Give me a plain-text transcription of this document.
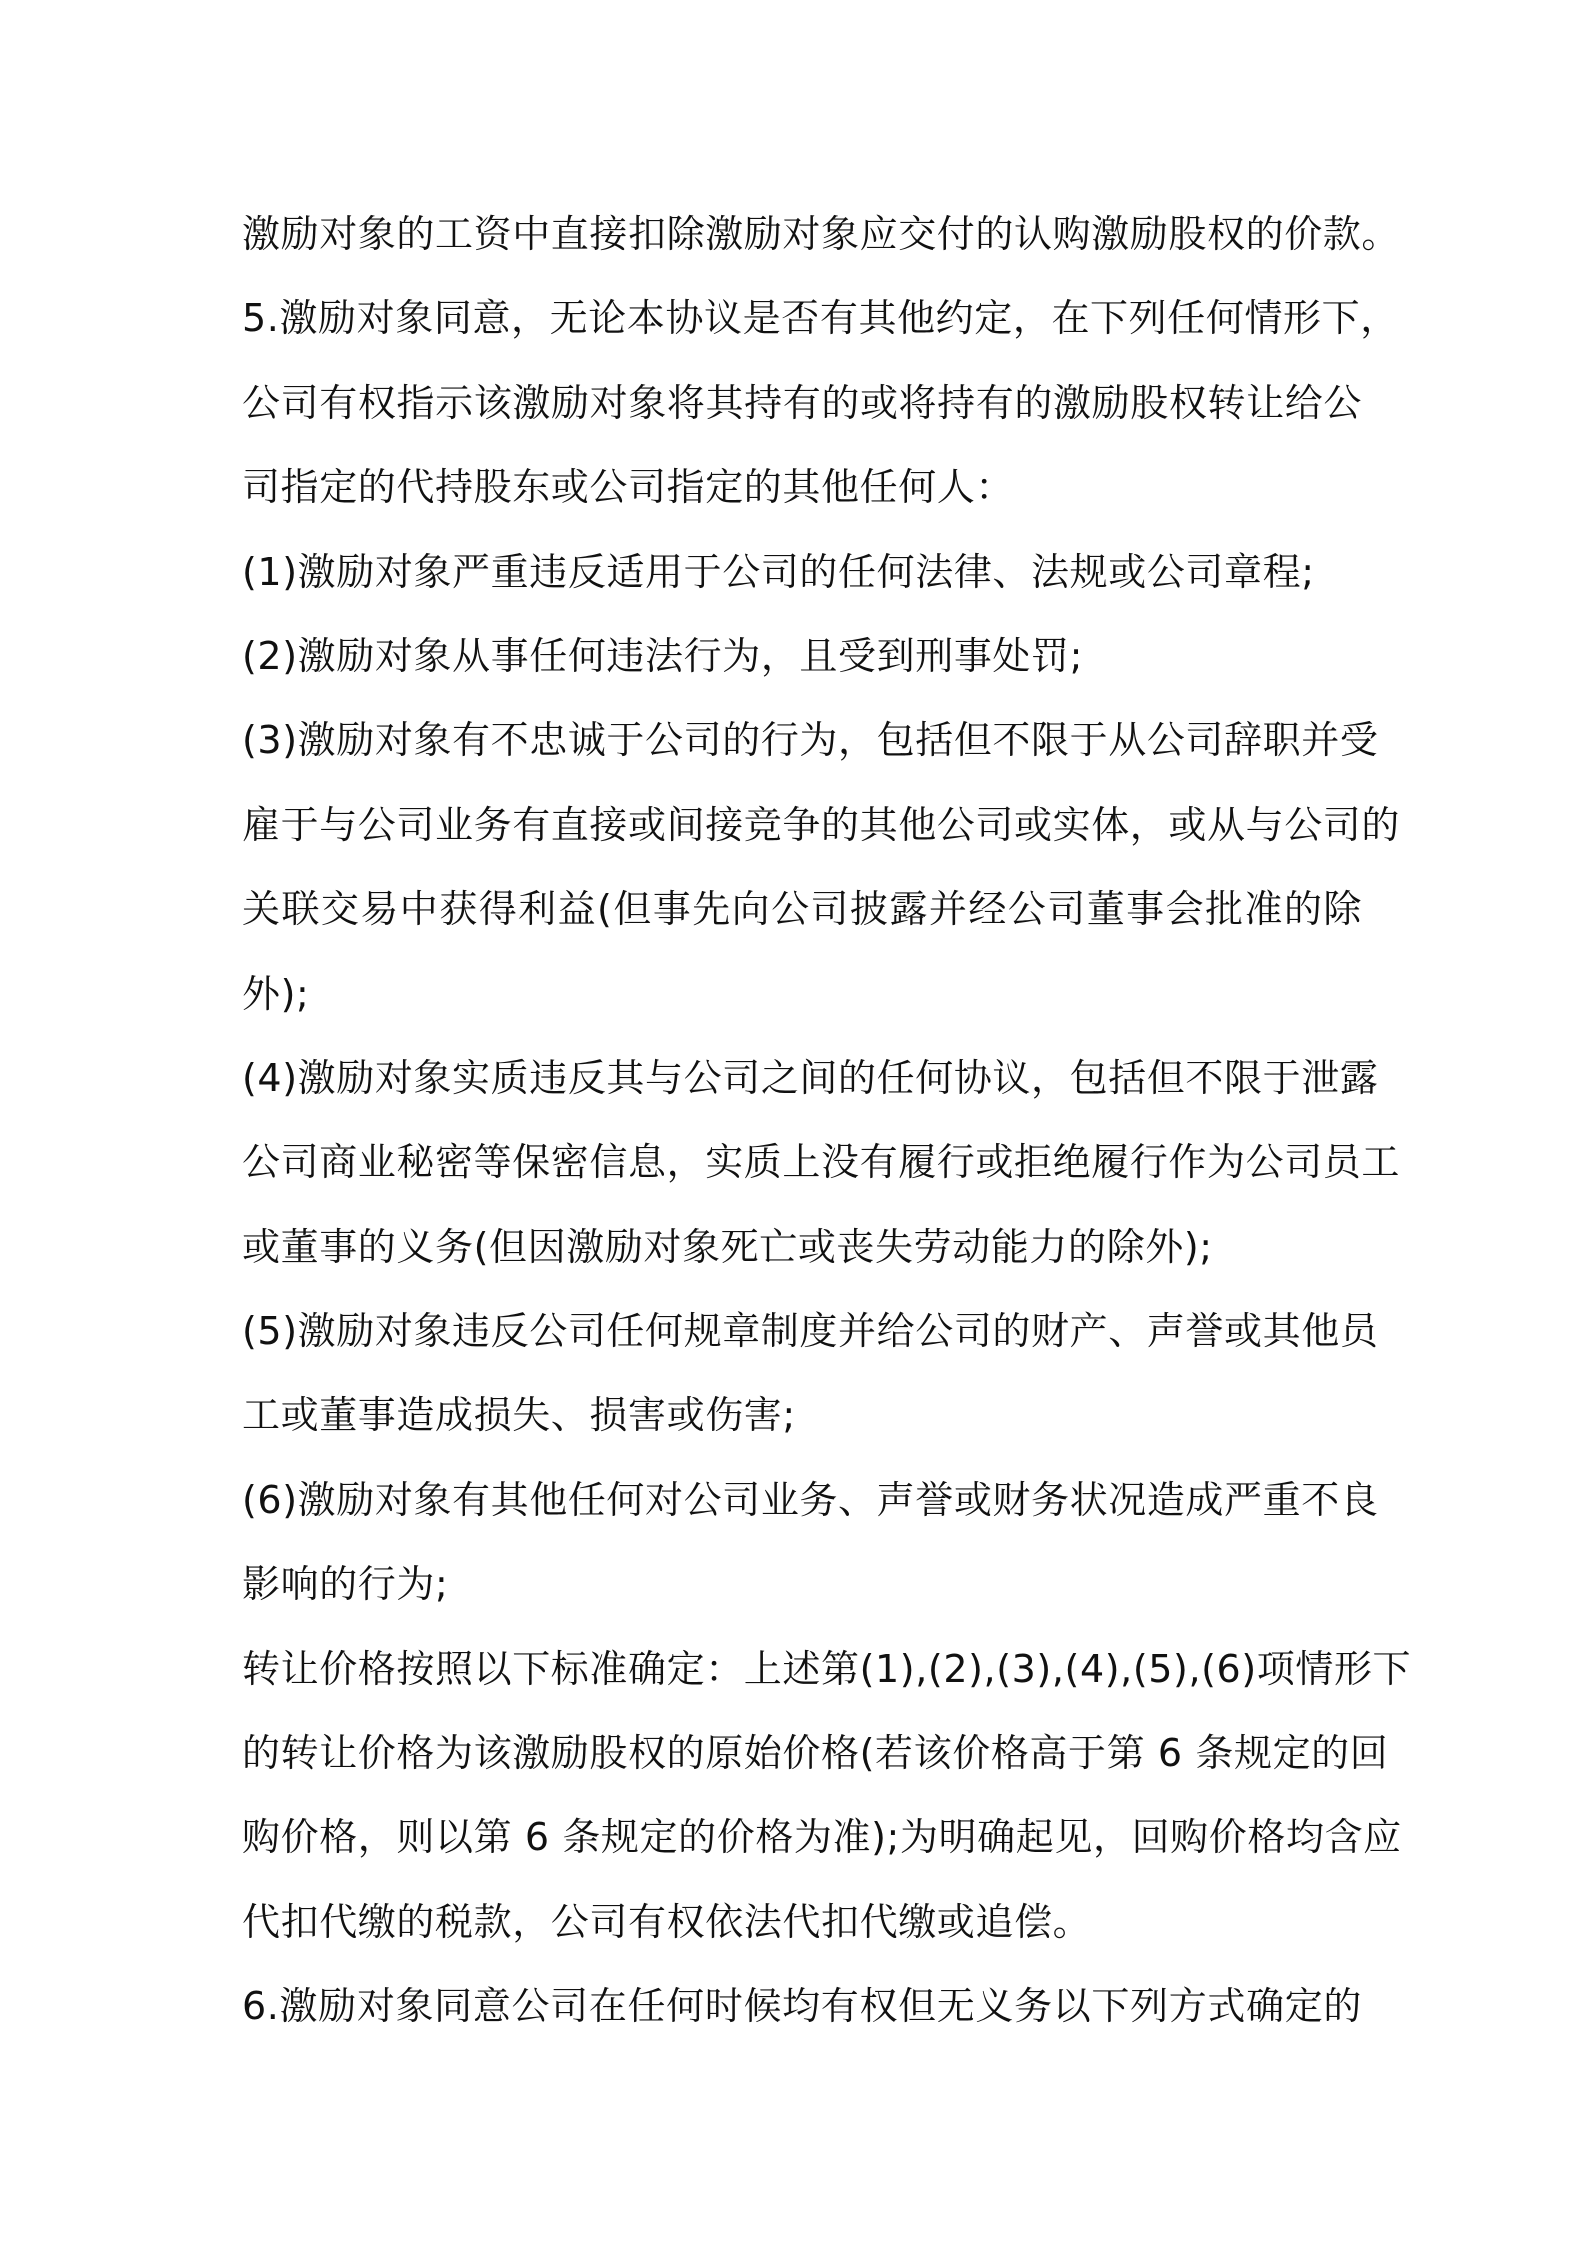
激励对象的工资中直接扣除激励对象应交付的认购激励股权的价款。
5.激励对象同意，无论本协议是否有其他约定，在下列任何情形下，
公司有权指示该激励对象将其持有的或将持有的激励股权转让给公
司指定的代持股东或公司指定的其他任何人：
(1)激励对象严重违反适用于公司的任何法律、法规或公司章程;
(2)激励对象从事任何违法行为，且受到刑事处罚;
(3)激励对象有不忠诚于公司的行为，包括但不限于从公司辞职并受
雇于与公司业务有直接或间接竞争的其他公司或实体，或从与公司的
关联交易中获得利益(但事先向公司披露并经公司董事会批准的除
外);
(4)激励对象实质违反其与公司之间的任何协议，包括但不限于泄露
公司商业秘密等保密信息，实质上没有履行或拒绝履行作为公司员工
或董事的义务(但因激励对象死亡或丧失劳动能力的除外);
(5)激励对象违反公司任何规章制度并给公司的财产、声誉或其他员
工或董事造成损失、损害或伤害;
(6)激励对象有其他任何对公司业务、声誉或财务状况造成严重不良
影响的行为;
转让价格按照以下标准确定：上述第(1),(2),(3),(4),(5),(6)项情形下
的转让价格为该激励股权的原始价格(若该价格高于第 6 条规定的回
购价格，则以第 6 条规定的价格为准);为明确起见，回购价格均含应
代扣代缴的税款，公司有权依法代扣代缴或追偿。
6.激励对象同意公司在任何时候均有权但无义务以下列方式确定的
